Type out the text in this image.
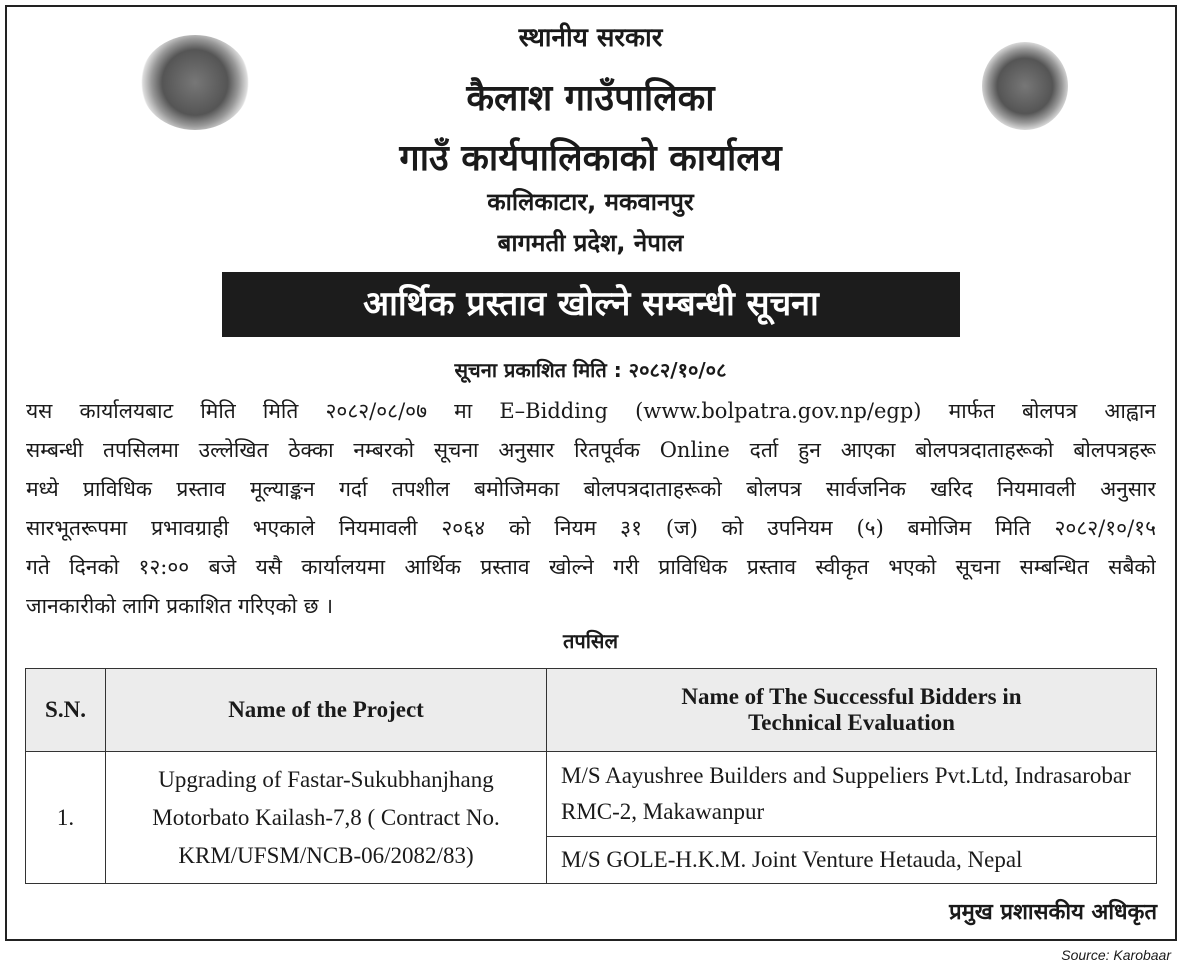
स्थानीय सरकार
कैलाश गाउँपालिका
गाउँ कार्यपालिकाको कार्यालय
कालिकाटार, मकवानपुर
बागमती प्रदेश, नेपाल
आर्थिक प्रस्ताव खोल्ने सम्बन्धी सूचना
सूचना प्रकाशित मिति : २०८२/१०/०८
यस कार्यालयबाट मिति मिति २०८२/०८/०७ मा E–Bidding (www.bolpatra.gov.np/egp) मार्फत बोलपत्र आह्वान
सम्बन्धी तपसिलमा उल्लेखित ठेक्का नम्बरको सूचना अनुसार रितपूर्वक Online दर्ता हुन आएका बोलपत्रदाताहरूको बोलपत्रहरू
मध्ये प्राविधिक प्रस्ताव मूल्याङ्कन गर्दा तपशील बमोजिमका बोलपत्रदाताहरूको बोलपत्र सार्वजनिक खरिद नियमावली अनुसार
सारभूतरूपमा प्रभावग्राही भएकाले नियमावली २०६४ को नियम ३१ (ज) को उपनियम (५) बमोजिम मिति २०८२/१०/१५
गते दिनको १२:०० बजे यसै कार्यालयमा आर्थिक प्रस्ताव खोल्ने गरी प्राविधिक प्रस्ताव स्वीकृत भएको सूचना सम्बन्धित सबैको
जानकारीको लागि प्रकाशित गरिएको छ ।
तपसिल
S.N.	Name of the Project	Name of The Successful Bidders in Technical Evaluation
1.	Upgrading of Fastar-Sukubhanjhang Motorbato Kailash-7,8 ( Contract No. KRM/UFSM/NCB-06/2082/83)	M/S Aayushree Builders and Suppeliers Pvt.Ltd, Indrasarobar RMC-2, Makawanpur
		M/S GOLE-H.K.M. Joint Venture Hetauda, Nepal
प्रमुख प्रशासकीय अधिकृत
Source: Karobaar
